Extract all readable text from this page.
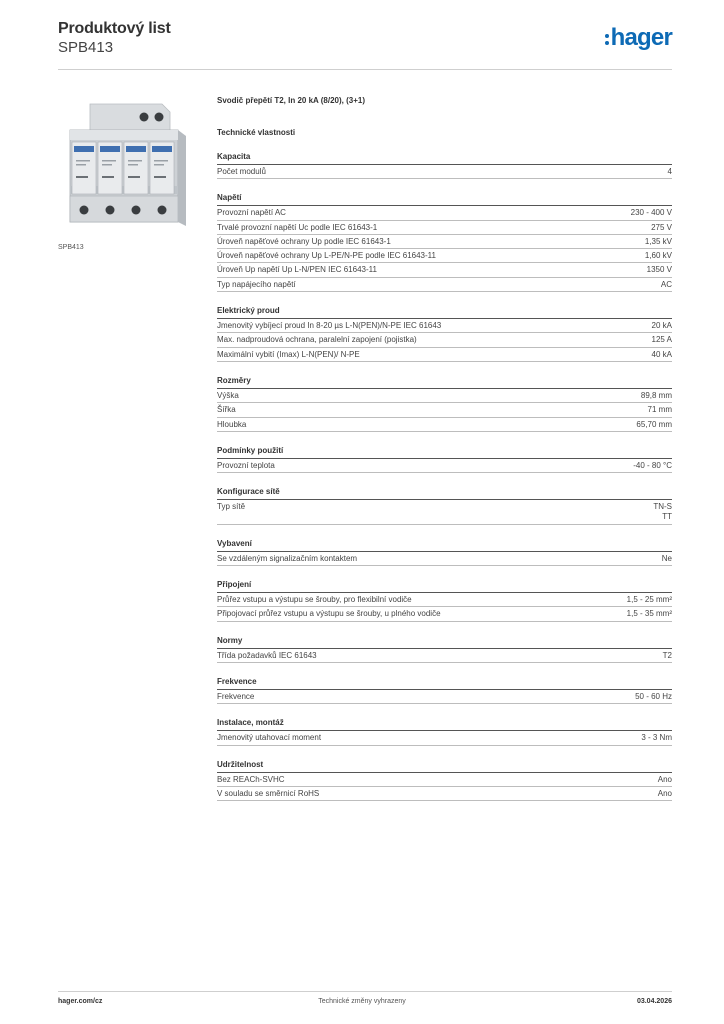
Produktový list
SPB413	hager
SPB413
Svodič přepětí T2, In 20 kA (8/20), (3+1)
Technické vlastnosti
Kapacita
Počet modulů	4
Napětí
Provozní napětí AC	230 - 400 V
Trvalé provozní napětí Uc podle IEC 61643-1	275 V
Úroveň napěťové ochrany Up podle IEC 61643-1	1,35 kV
Úroveň napěťové ochrany Up L-PE/N-PE podle IEC 61643-11	1,60 kV
Úroveň Up napětí Up L-N/PEN IEC 61643-11	1350 V
Typ napájecího napětí	AC
Elektrický proud
Jmenovitý vybíjecí proud In 8-20 µs L-N(PEN)/N-PE IEC 61643	20 kA
Max. nadproudová ochrana, paralelní zapojení (pojistka)	125 A
Maximální vybití (Imax) L-N(PEN)/ N-PE	40 kA
Rozměry
Výška	89,8 mm
Šířka	71 mm
Hloubka	65,70 mm
Podmínky použití
Provozní teplota	-40 - 80 °C
Konfigurace sítě
Typ sítě	TN-S
TT
Vybavení
Se vzdáleným signalizačním kontaktem	Ne
Připojení
Průřez vstupu a výstupu se šrouby, pro flexibilní vodiče	1,5 - 25 mm²
Připojovací průřez vstupu a výstupu se šrouby, u plného vodiče	1,5 - 35 mm²
Normy
Třída požadavků IEC 61643	T2
Frekvence
Frekvence	50 - 60 Hz
Instalace, montáž
Jmenovitý utahovací moment	3 - 3 Nm
Udržitelnost
Bez REACh-SVHC	Ano
V souladu se směrnicí RoHS	Ano
hager.com/cz	Technické změny vyhrazeny	03.04.2026
